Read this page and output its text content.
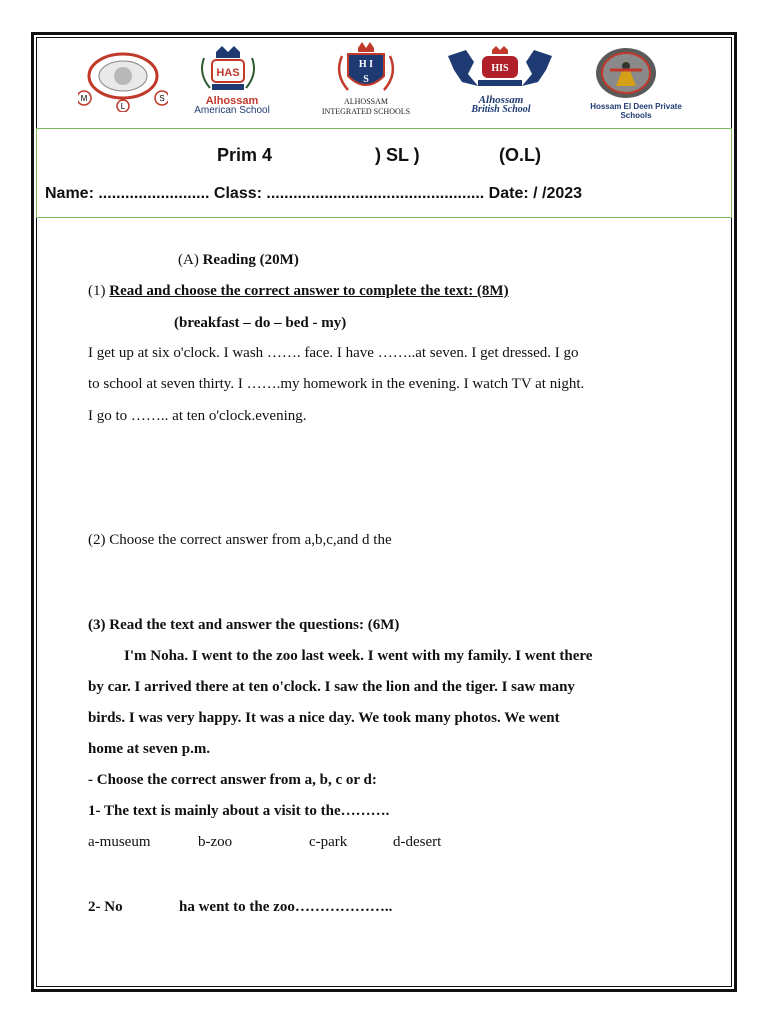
M
L
S
HAS
Alhossam
American School
H I
S
ALHOSSAM
INTEGRATED SCHOOLS
HIS
Alhossam
British School	Hossam El Deen Private
Schools
Prim 4	) SL )	(O.L)
Name: ......................... Class: ................................................. Date: / /2023
(A) Reading (20M)
(1) Read and choose the correct answer to complete the text: (8M)
(breakfast – do – bed - my)
I get up at six o'clock. I wash ……. face. I have ……..at seven. I get dressed. I go
to school at seven thirty. I …….my homework in the evening. I watch TV at night.
I go to …….. at ten o'clock.evening.
(2) Choose the correct answer from a,b,c,and d the
(3) Read the text and answer the questions: (6M)
I'm Noha. I went to the zoo last week. I went with my family. I went there
by car. I arrived there at ten o'clock. I saw the lion and the tiger. I saw many
birds. I was very happy. It was a nice day. We took many photos. We went
home at seven p.m.
- Choose the correct answer from a, b, c or d:
1- The text is mainly about a visit to the……….
a-museum	b-zoo	c-park	d-desert
2- No	ha went to the zoo………………..
